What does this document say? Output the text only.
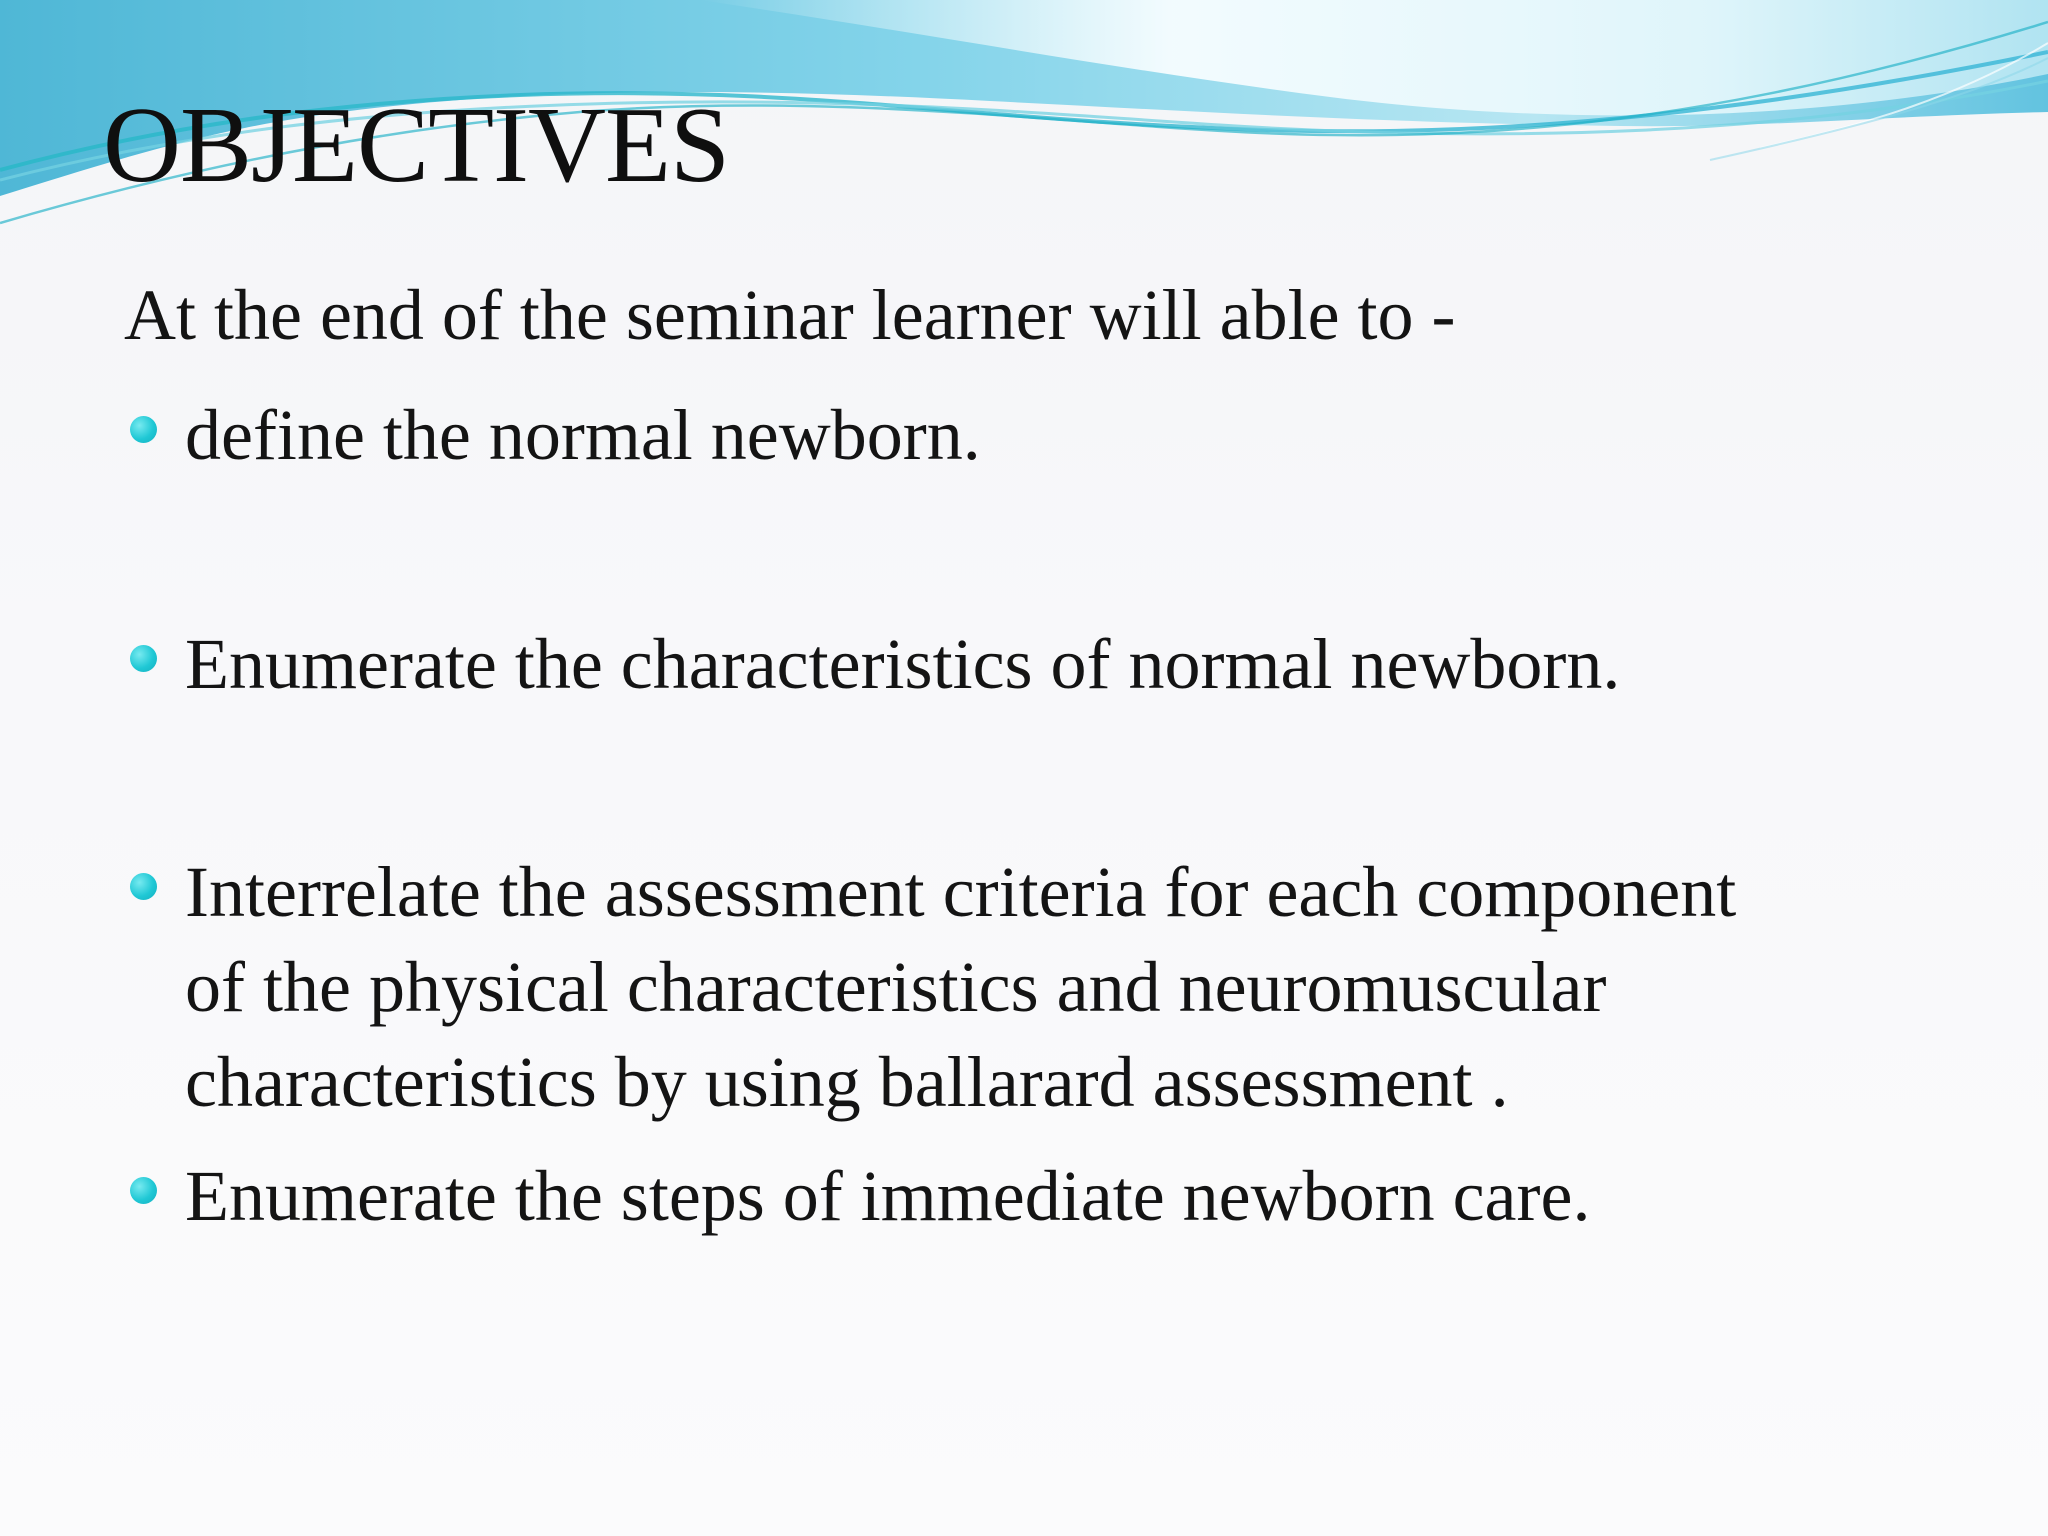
OBJECTIVES
At the end of the seminar learner will able to -
define the normal newborn.
Enumerate the characteristics of normal newborn.
Interrelate the assessment criteria for each component
of the physical characteristics and neuromuscular
characteristics by using ballarard assessment .
Enumerate the steps of immediate newborn care.
